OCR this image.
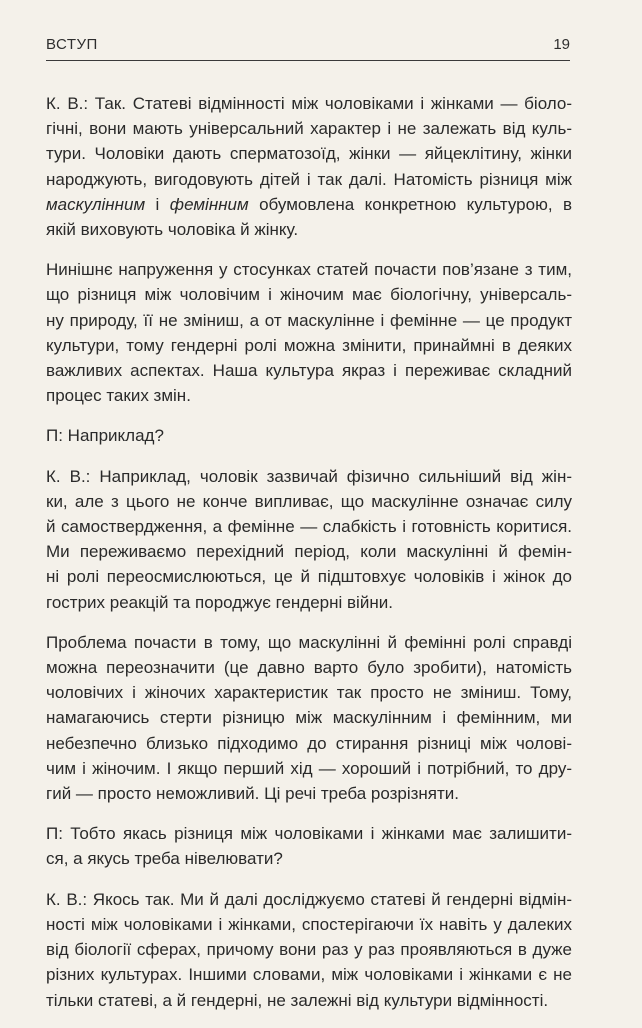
ВСТУП	19

К. В.: Так. Статеві відмінності між чоловіками і жінками — біоло-
гічні, вони мають універсальний характер і не залежать від куль-
тури. Чоловіки дають сперматозоїд, жінки — яйцеклітину, жінки
народжують, вигодовують дітей і так далі. Натомість різниця між
маскулінним і фемінним обумовлена конкретною культурою, в
якій виховують чоловіка й жінку.

Нинішнє напруження у стосунках статей почасти пов’язане з тим,
що різниця між чоловічим і жіночим має біологічну, універсаль-
ну природу, її не зміниш, а от маскулінне і фемінне — це продукт
культури, тому гендерні ролі можна змінити, принаймні в деяких
важливих аспектах. Наша культура якраз і переживає складний
процес таких змін.

П: Наприклад?

К. В.: Наприклад, чоловік зазвичай фізично сильніший від жін-
ки, але з цього не конче випливає, що маскулінне означає силу
й самоствердження, а фемінне — слабкість і готовність коритися.
Ми переживаємо перехідний період, коли маскулінні й фемін-
ні ролі переосмислюються, це й підштовхує чоловіків і жінок до
гострих реакцій та породжує гендерні війни.

Проблема почасти в тому, що маскулінні й фемінні ролі справді
можна переозначити (це давно варто було зробити), натомість
чоловічих і жіночих характеристик так просто не зміниш. Тому,
намагаючись стерти різницю між маскулінним і фемінним, ми
небезпечно близько підходимо до стирання різниці між чолові-
чим і жіночим. І якщо перший хід — хороший і потрібний, то дру-
гий — просто неможливий. Ці речі треба розрізняти.

П: Тобто якась різниця між чоловіками і жінками має залишити-
ся, а якусь треба нівелювати?

К. В.: Якось так. Ми й далі досліджуємо статеві й гендерні відмін-
ності між чоловіками і жінками, спостерігаючи їх навіть у далеких
від біології сферах, причому вони раз у раз проявляються в дуже
різних культурах. Іншими словами, між чоловіками і жінками є не
тільки статеві, а й гендерні, не залежні від культури відмінності.
